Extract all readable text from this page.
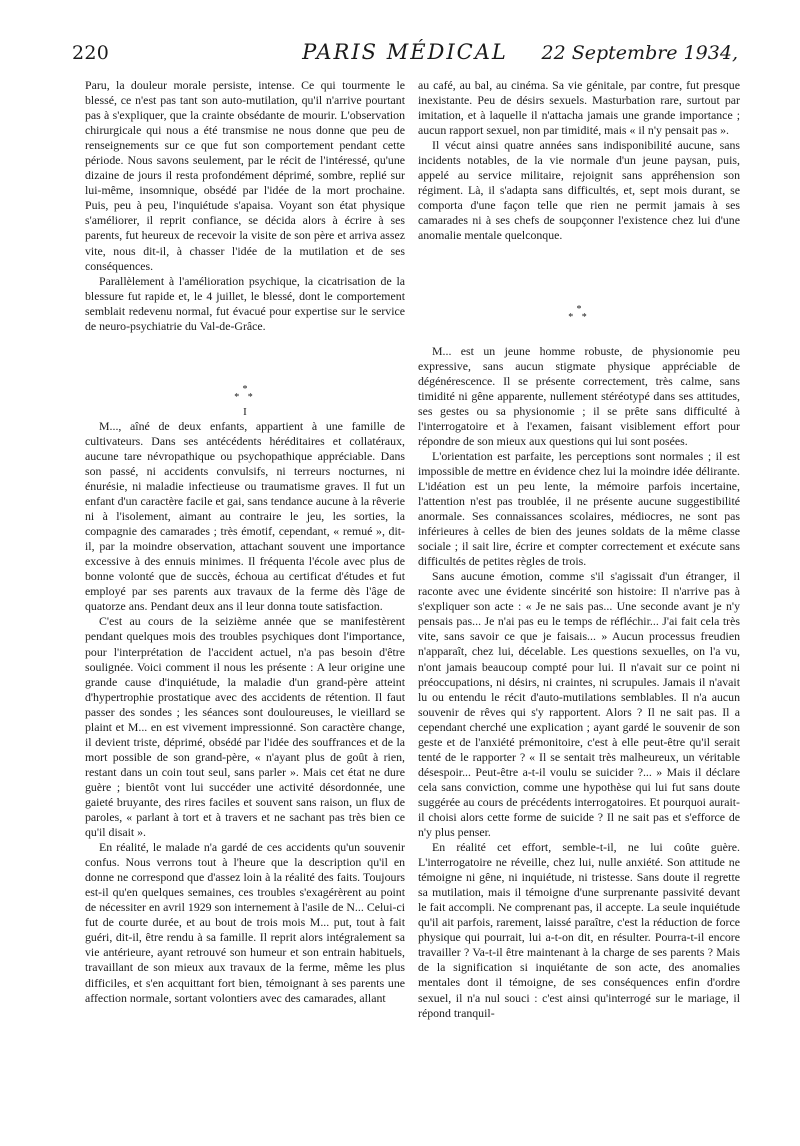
220	PARIS MÉDICAL	22 Septembre 1934,

Paru, la douleur morale persiste, intense. Ce qui tourmente le blessé, ce n'est pas tant son auto-mutilation, qu'il n'arrive pourtant pas à s'expliquer, que la crainte obsédante de mourir. L'observation chirurgicale qui nous a été transmise ne nous donne que peu de renseignements sur ce que fut son comportement pendant cette période. Nous savons seulement, par le récit de l'intéressé, qu'une dizaine de jours il resta profondément déprimé, sombre, replié sur lui-même, insomnique, obsédé par l'idée de la mort prochaine. Puis, peu à peu, l'inquiétude s'apaisa. Voyant son état physique s'améliorer, il reprit confiance, se décida alors à écrire à ses parents, fut heureux de recevoir la visite de son père et arriva assez vite, nous dit-il, à chasser l'idée de la mutilation et de ses conséquences.

Parallèlement à l'amélioration psychique, la cicatrisation de la blessure fut rapide et, le 4 juillet, le blessé, dont le comportement semblait redevenu normal, fut évacué pour expertise sur le service de neuro-psychiatrie du Val-de-Grâce.

*
* *
I

M..., aîné de deux enfants, appartient à une famille de cultivateurs. Dans ses antécédents héréditaires et collatéraux, aucune tare névropathique ou psychopathique appréciable. Dans son passé, ni accidents convulsifs, ni terreurs nocturnes, ni énurésie, ni maladie infectieuse ou traumatisme graves. Il fut un enfant d'un caractère facile et gai, sans tendance aucune à la rêverie ni à l'isolement, aimant au contraire le jeu, les sorties, la compagnie des camarades ; très émotif, cependant, « remué », dit-il, par la moindre observation, attachant souvent une importance excessive à des ennuis minimes. Il fréquenta l'école avec plus de bonne volonté que de succès, échoua au certificat d'études et fut employé par ses parents aux travaux de la ferme dès l'âge de quatorze ans. Pendant deux ans il leur donna toute satisfaction.

C'est au cours de la seizième année que se manifestèrent pendant quelques mois des troubles psychiques dont l'importance, pour l'interprétation de l'accident actuel, n'a pas besoin d'être soulignée. Voici comment il nous les présente : A leur origine une grande cause d'inquiétude, la maladie d'un grand-père atteint d'hypertrophie prostatique avec des accidents de rétention. Il faut passer des sondes ; les séances sont douloureuses, le vieillard se plaint et M... en est vivement impressionné. Son caractère change, il devient triste, déprimé, obsédé par l'idée des souffrances et de la mort possible de son grand-père, « n'ayant plus de goût à rien, restant dans un coin tout seul, sans parler ». Mais cet état ne dure guère ; bientôt vont lui succéder une activité désordonnée, une gaieté bruyante, des rires faciles et souvent sans raison, un flux de paroles, « parlant à tort et à travers et ne sachant pas très bien ce qu'il disait ».

En réalité, le malade n'a gardé de ces accidents qu'un souvenir confus. Nous verrons tout à l'heure que la description qu'il en donne ne correspond que d'assez loin à la réalité des faits. Toujours est-il qu'en quelques semaines, ces troubles s'exagérèrent au point de nécessiter en avril 1929 son internement à l'asile de N... Celui-ci fut de courte durée, et au bout de trois mois M... put, tout à fait guéri, dit-il, être rendu à sa famille. Il reprit alors intégralement sa vie antérieure, ayant retrouvé son humeur et son entrain habituels, travaillant de son mieux aux travaux de la ferme, même les plus difficiles, et s'en acquittant fort bien, témoignant à ses parents une affection normale, sortant volontiers avec des camarades, allant

au café, au bal, au cinéma. Sa vie génitale, par contre, fut presque inexistante. Peu de désirs sexuels. Masturbation rare, surtout par imitation, et à laquelle il n'attacha jamais une grande importance ; aucun rapport sexuel, non par timidité, mais « il n'y pensait pas ».

Il vécut ainsi quatre années sans indisponibilité aucune, sans incidents notables, de la vie normale d'un jeune paysan, puis, appelé au service militaire, rejoignit sans appréhension son régiment. Là, il s'adapta sans difficultés, et, sept mois durant, se comporta d'une façon telle que rien ne permit jamais à ses camarades ni à ses chefs de soupçonner l'existence chez lui d'une anomalie mentale quelconque.

*
* *

M... est un jeune homme robuste, de physionomie peu expressive, sans aucun stigmate physique appréciable de dégénérescence. Il se présente correctement, très calme, sans timidité ni gêne apparente, nullement stéréotypé dans ses attitudes, ses gestes ou sa physionomie ; il se prête sans difficulté à l'interrogatoire et à l'examen, faisant visiblement effort pour répondre de son mieux aux questions qui lui sont posées.

L'orientation est parfaite, les perceptions sont normales ; il est impossible de mettre en évidence chez lui la moindre idée délirante. L'idéation est un peu lente, la mémoire parfois incertaine, l'attention n'est pas troublée, il ne présente aucune suggestibilité anormale. Ses connaissances scolaires, médiocres, ne sont pas inférieures à celles de bien des jeunes soldats de la même classe sociale ; il sait lire, écrire et compter correctement et exécute sans difficultés de petites règles de trois.

Sans aucune émotion, comme s'il s'agissait d'un étranger, il raconte avec une évidente sincérité son histoire: Il n'arrive pas à s'expliquer son acte : « Je ne sais pas... Une seconde avant je n'y pensais pas... Je n'ai pas eu le temps de réfléchir... J'ai fait cela très vite, sans savoir ce que je faisais... » Aucun processus freudien n'apparaît, chez lui, décelable. Les questions sexuelles, on l'a vu, n'ont jamais beaucoup compté pour lui. Il n'avait sur ce point ni préoccupations, ni désirs, ni craintes, ni scrupules. Jamais il n'avait lu ou entendu le récit d'auto-mutilations semblables. Il n'a aucun souvenir de rêves qui s'y rapportent. Alors ? Il ne sait pas. Il a cependant cherché une explication ; ayant gardé le souvenir de son geste et de l'anxiété prémonitoire, c'est à elle peut-être qu'il serait tenté de le rapporter ? « Il se sentait très malheureux, un véritable désespoir... Peut-être a-t-il voulu se suicider ?... » Mais il déclare cela sans conviction, comme une hypothèse qui lui fut sans doute suggérée au cours de précédents interrogatoires. Et pourquoi aurait-il choisi alors cette forme de suicide ? Il ne sait pas et s'efforce de n'y plus penser.

En réalité cet effort, semble-t-il, ne lui coûte guère. L'interrogatoire ne réveille, chez lui, nulle anxiété. Son attitude ne témoigne ni gêne, ni inquiétude, ni tristesse. Sans doute il regrette sa mutilation, mais il témoigne d'une surprenante passivité devant le fait accompli. Ne comprenant pas, il accepte. La seule inquiétude qu'il ait parfois, rarement, laissé paraître, c'est la réduction de force physique qui pourrait, lui a-t-on dit, en résulter. Pourra-t-il encore travailler ? Va-t-il être maintenant à la charge de ses parents ? Mais de la signification si inquiétante de son acte, des anomalies mentales dont il témoigne, de ses conséquences enfin d'ordre sexuel, il n'a nul souci : c'est ainsi qu'interrogé sur le mariage, il répond tranquil-
